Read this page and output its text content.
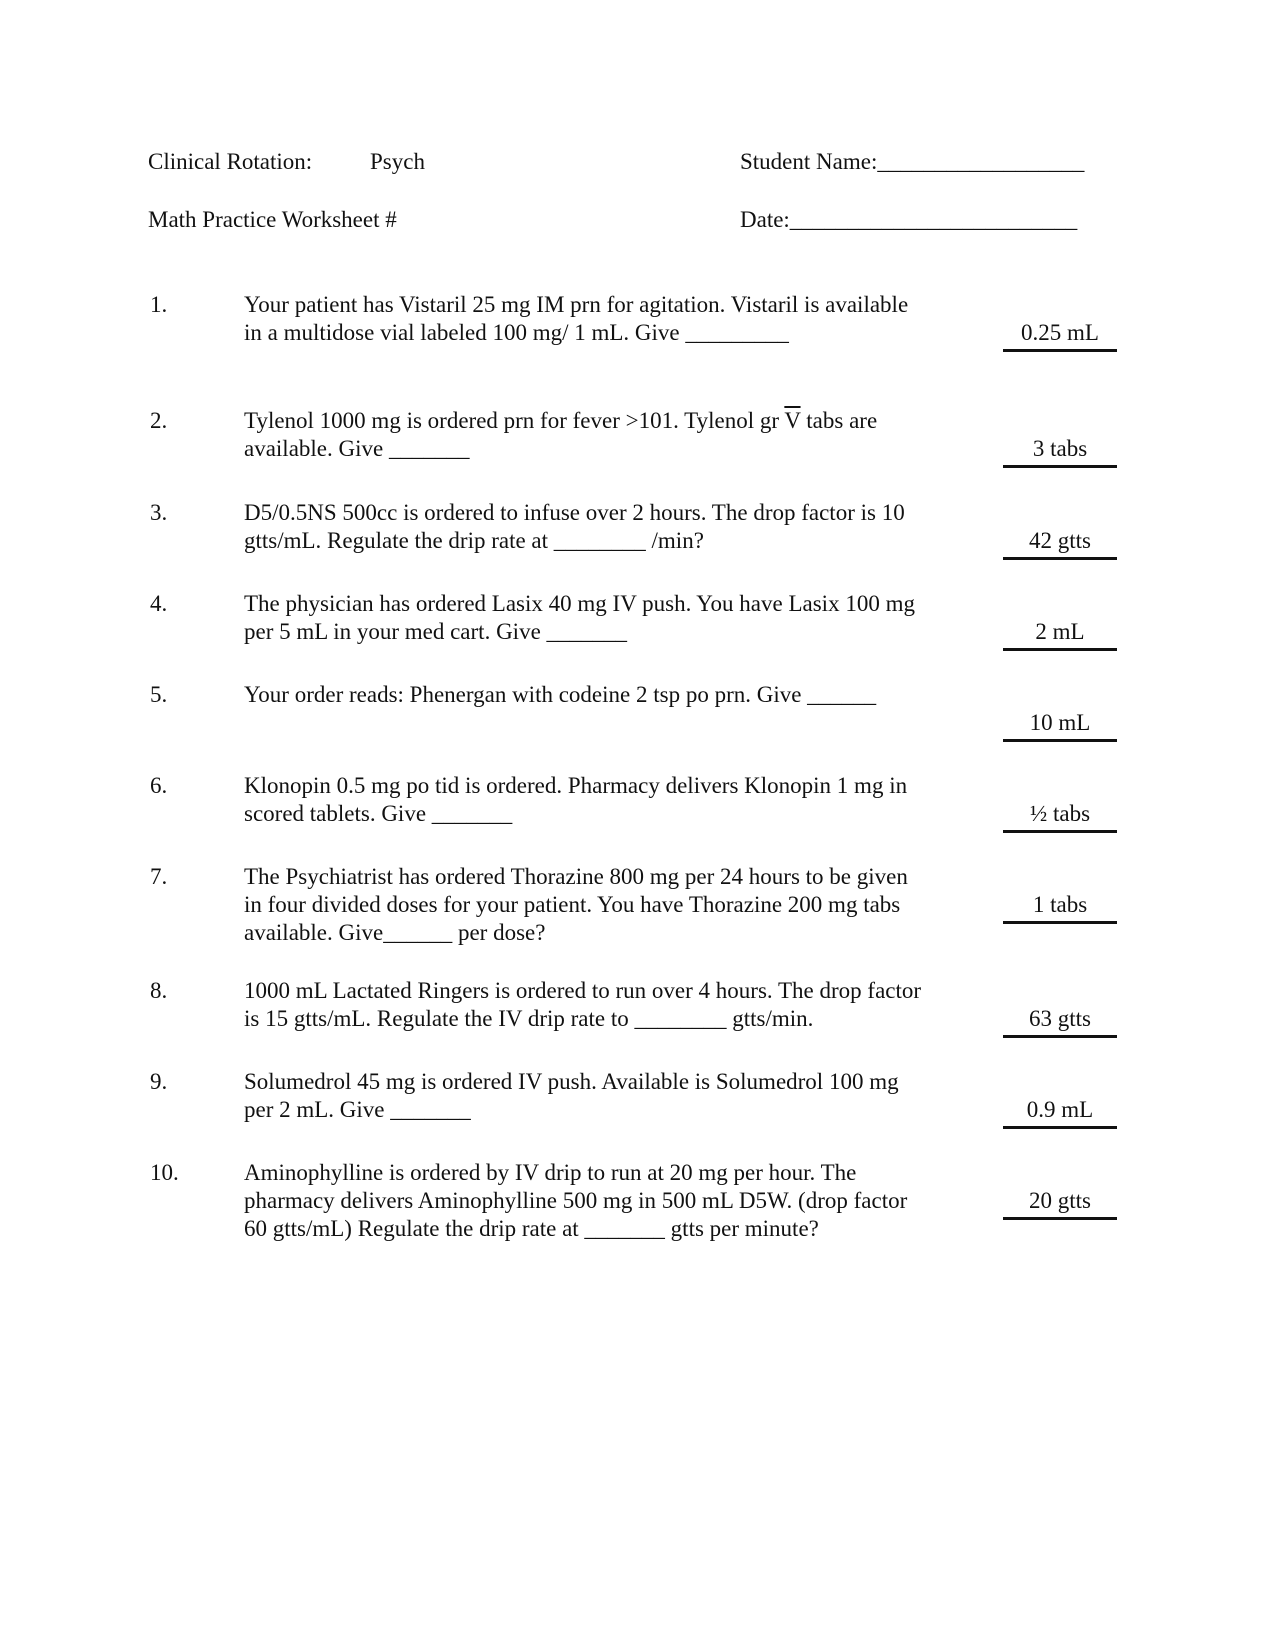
Clinical Rotation:	Psych	Student Name:__________________
Math Practice Worksheet #	Date:_________________________
1.	Your patient has Vistaril 25 mg IM prn for agitation. Vistaril is available
in a multidose vial labeled 100 mg/ 1 mL. Give _________	0.25 mL
2.	Tylenol 1000 mg is ordered prn for fever >101. Tylenol gr $\overline{V}$ tabs are
available. Give _______	3 tabs
3.	D5/0.5NS 500cc is ordered to infuse over 2 hours. The drop factor is 10
gtts/mL. Regulate the drip rate at ________ /min?	42 gtts
4.	The physician has ordered Lasix 40 mg IV push. You have Lasix 100 mg
per 5 mL in your med cart. Give _______	2 mL
5.	Your order reads: Phenergan with codeine 2 tsp po prn. Give ______
10 mL
6.	Klonopin 0.5 mg po tid is ordered. Pharmacy delivers Klonopin 1 mg in
scored tablets. Give _______	½ tabs
7.	The Psychiatrist has ordered Thorazine 800 mg per 24 hours to be given
in four divided doses for your patient. You have Thorazine 200 mg tabs
available. Give______ per dose?
1 tabs
8.	1000 mL Lactated Ringers is ordered to run over 4 hours. The drop factor
is 15 gtts/mL. Regulate the IV drip rate to ________ gtts/min.	63 gtts
9.	Solumedrol 45 mg is ordered IV push. Available is Solumedrol 100 mg
per 2 mL. Give _______	0.9 mL
10.	Aminophylline is ordered by IV drip to run at 20 mg per hour. The
pharmacy delivers Aminophylline 500 mg in 500 mL D5W. (drop factor
60 gtts/mL) Regulate the drip rate at _______ gtts per minute?
20 gtts
